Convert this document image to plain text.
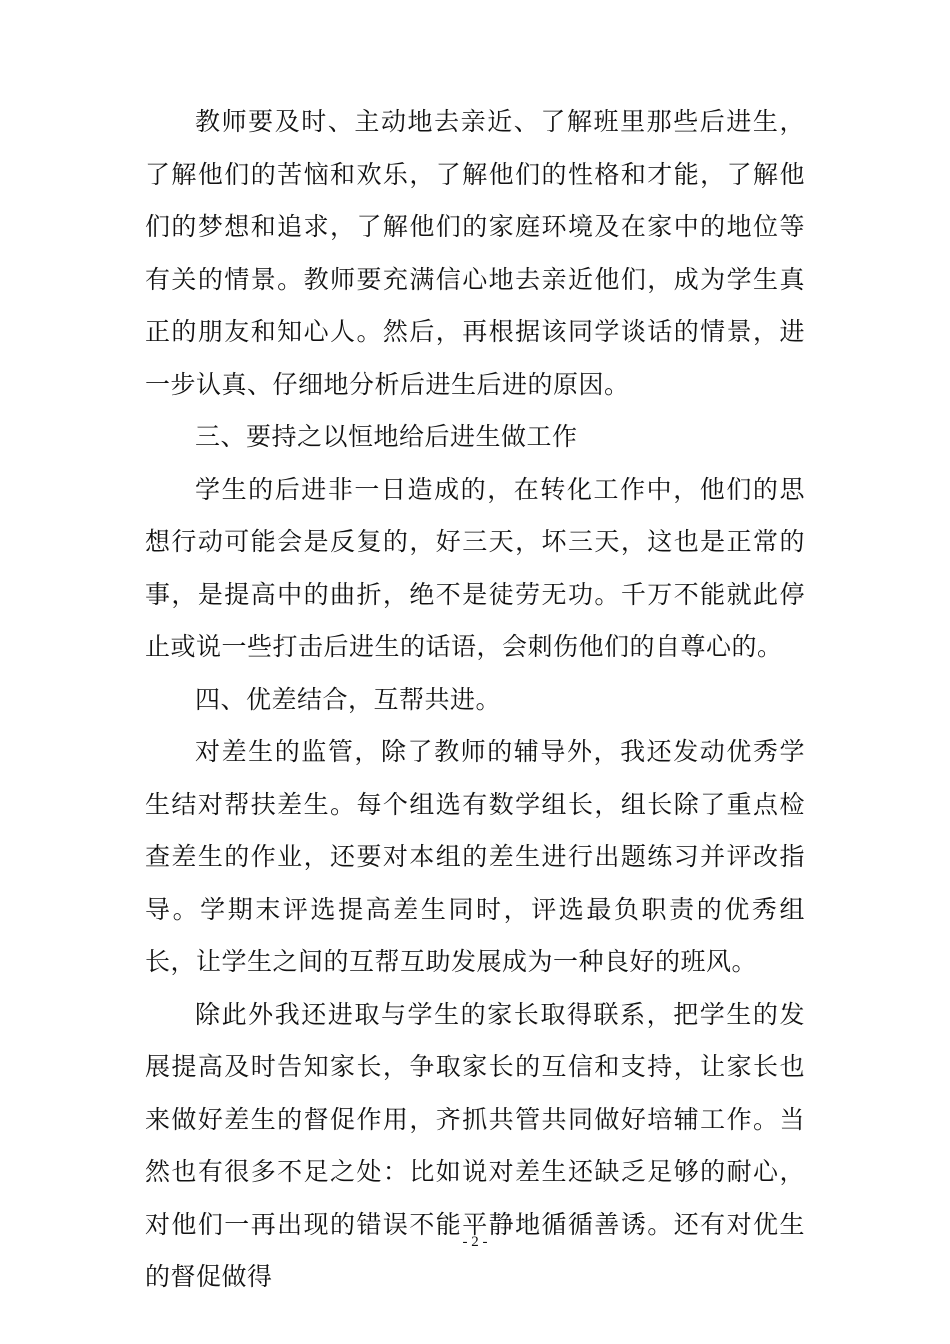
教师要及时、主动地去亲近、了解班里那些后进生，了解他们的苦恼和欢乐，了解他们的性格和才能，了解他们的梦想和追求，了解他们的家庭环境及在家中的地位等有关的情景。教师要充满信心地去亲近他们，成为学生真正的朋友和知心人。然后，再根据该同学谈话的情景，进一步认真、仔细地分析后进生后进的原因。

三、要持之以恒地给后进生做工作

学生的后进非一日造成的，在转化工作中，他们的思想行动可能会是反复的，好三天，坏三天，这也是正常的事，是提高中的曲折，绝不是徒劳无功。千万不能就此停止或说一些打击后进生的话语，会刺伤他们的自尊心的。

四、优差结合，互帮共进。

对差生的监管，除了教师的辅导外，我还发动优秀学生结对帮扶差生。每个组选有数学组长，组长除了重点检查差生的作业，还要对本组的差生进行出题练习并评改指导。学期末评选提高差生同时，评选最负职责的优秀组长，让学生之间的互帮互助发展成为一种良好的班风。

除此外我还进取与学生的家长取得联系，把学生的发展提高及时告知家长，争取家长的互信和支持，让家长也来做好差生的督促作用，齐抓共管共同做好培辅工作。当然也有很多不足之处：比如说对差生还缺乏足够的耐心，对他们一再出现的错误不能平静地循循善诱。还有对优生的督促做得

- 2 -
